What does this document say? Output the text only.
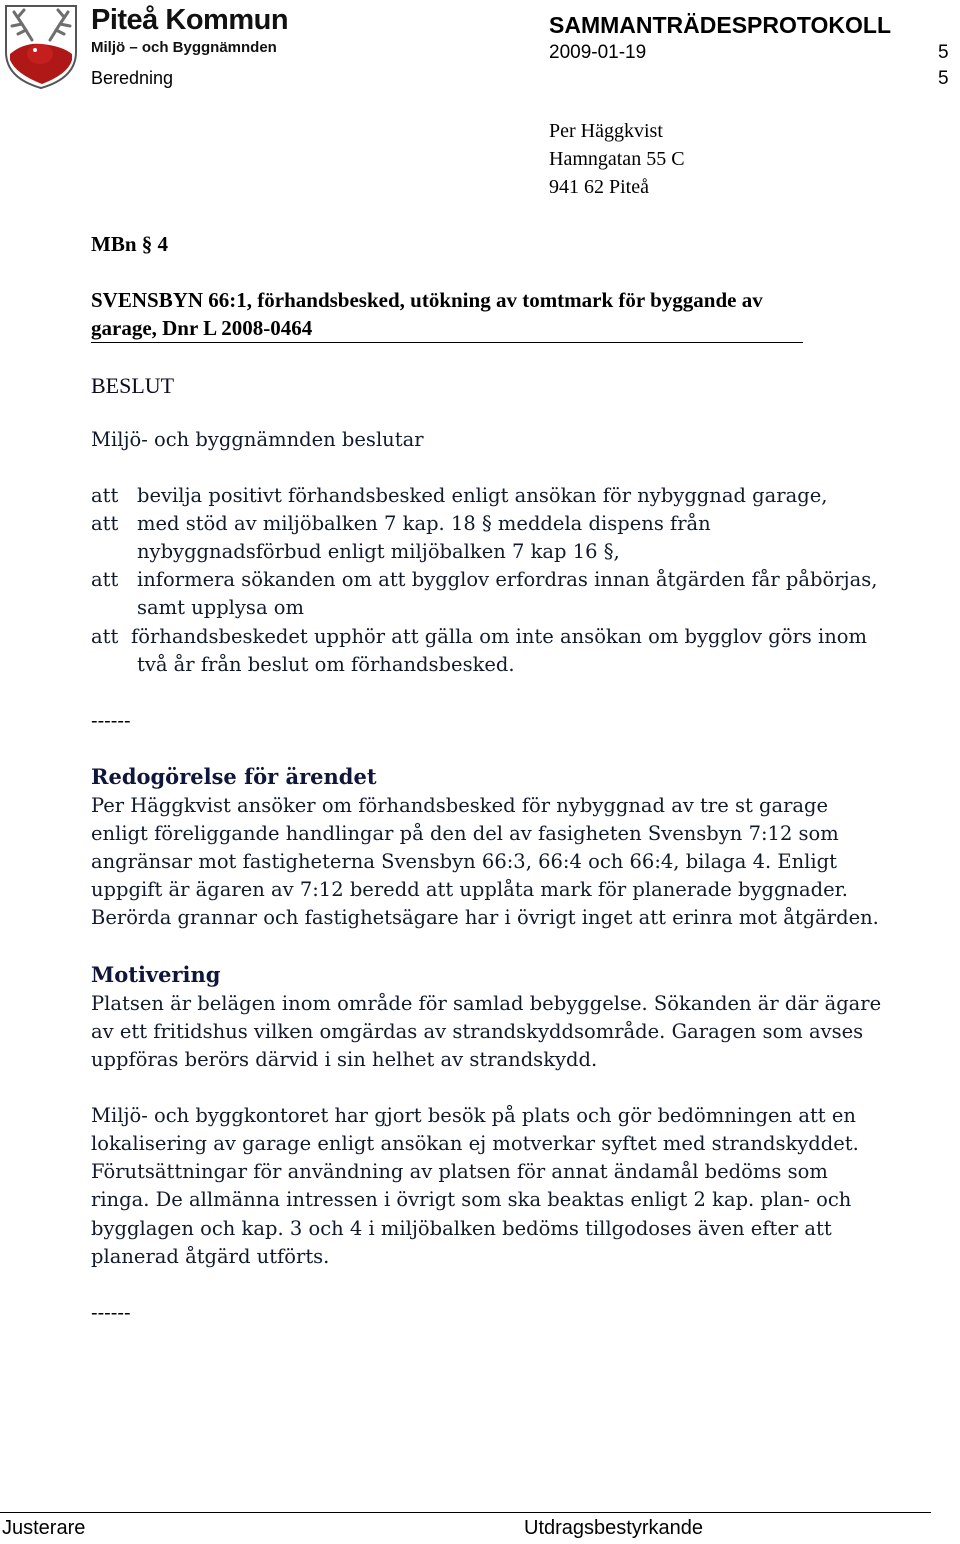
Piteå Kommun
Miljö – och Byggnämnden
Beredning
SAMMANTRÄDESPROTOKOLL
2009-01-19	5
5
Per Häggkvist
Hamngatan 55 C
941 62 Piteå
MBn § 4
SVENSBYN 66:1, förhandsbesked, utökning av tomtmark för byggande av
garage, Dnr L 2008-0464
BESLUT
Miljö- och byggnämnden beslutar
att bevilja positivt förhandsbesked enligt ansökan för nybyggnad garage,
att med stöd av miljöbalken 7 kap. 18 § meddela dispens från
nybyggnadsförbud enligt miljöbalken 7 kap 16 §,
att informera sökanden om att bygglov erfordras innan åtgärden får påbörjas,
samt upplysa om
att förhandsbeskedet upphör att gälla om inte ansökan om bygglov görs inom
två år från beslut om förhandsbesked.
------
Redogörelse för ärendet
Per Häggkvist ansöker om förhandsbesked för nybyggnad av tre st garage
enligt föreliggande handlingar på den del av fasigheten Svensbyn 7:12 som
angränsar mot fastigheterna Svensbyn 66:3, 66:4 och 66:4, bilaga 4. Enligt
uppgift är ägaren av 7:12 beredd att upplåta mark för planerade byggnader.
Berörda grannar och fastighetsägare har i övrigt inget att erinra mot åtgärden.
Motivering
Platsen är belägen inom område för samlad bebyggelse. Sökanden är där ägare
av ett fritidshus vilken omgärdas av strandskyddsområde. Garagen som avses
uppföras berörs därvid i sin helhet av strandskydd.
Miljö- och byggkontoret har gjort besök på plats och gör bedömningen att en
lokalisering av garage enligt ansökan ej motverkar syftet med strandskyddet.
Förutsättningar för användning av platsen för annat ändamål bedöms som
ringa. De allmänna intressen i övrigt som ska beaktas enligt 2 kap. plan- och
bygglagen och kap. 3 och 4 i miljöbalken bedöms tillgodoses även efter att
planerad åtgärd utförts.
------
Justerare	Utdragsbestyrkande
